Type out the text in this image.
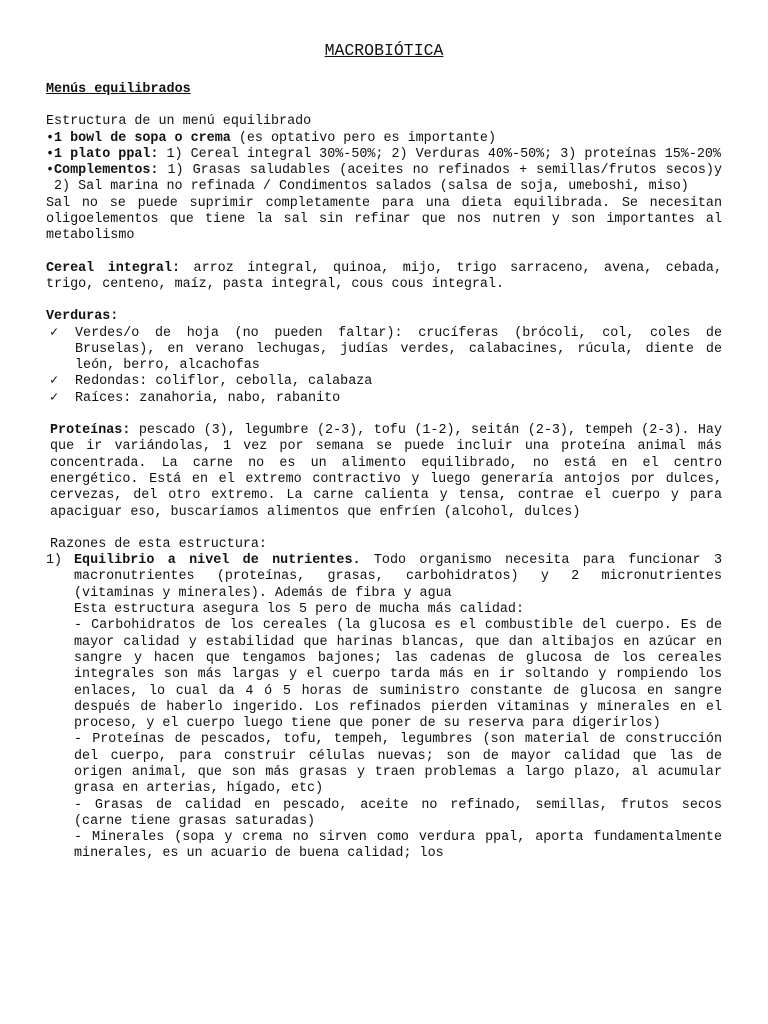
MACROBIÓTICA

Menús equilibrados

Estructura de un menú equilibrado

• 1 bowl de sopa o crema (es optativo pero es importante)
• 1 plato ppal: 1) Cereal integral 30%-50%; 2) Verduras 40%-50%; 3) proteínas 15%-20%
• Complementos: 1) Grasas saludables (aceites no refinados + semillas/frutos secos)y 2) Sal marina no refinada / Condimentos salados (salsa de soja, umeboshi, miso)

Sal no se puede suprimir completamente para una dieta equilibrada. Se necesitan oligoelementos que tiene la sal sin refinar que nos nutren y son importantes al metabolismo

Cereal integral: arroz integral, quinoa, mijo, trigo sarraceno, avena, cebada, trigo, centeno, maíz, pasta integral, cous cous integral.

Verduras:

✓ Verdes/o de hoja (no pueden faltar): crucíferas (brócoli, col, coles de Bruselas), en verano lechugas, judías verdes, calabacines, rúcula, diente de león, berro, alcachofas
✓ Redondas: coliflor, cebolla, calabaza
✓ Raíces: zanahoria, nabo, rabanito

Proteínas: pescado (3), legumbre (2-3), tofu (1-2), seitán (2-3), tempeh (2-3). Hay que ir variándolas, 1 vez por semana se puede incluir una proteína animal más concentrada. La carne no es un alimento equilibrado, no está en el centro energético. Está en el extremo contractivo y luego generaría antojos por dulces, cervezas, del otro extremo. La carne calienta y tensa, contrae el cuerpo y para apaciguar eso, buscaríamos alimentos que enfríen (alcohol, dulces)

Razones de esta estructura:

1) Equilibrio a nivel de nutrientes. Todo organismo necesita para funcionar 3 macronutrientes (proteínas, grasas, carbohidratos) y 2 micronutrientes (vitaminas y minerales). Además de fibra y agua

Esta estructura asegura los 5 pero de mucha más calidad:

- Carbohidratos de los cereales (la glucosa es el combustible del cuerpo. Es de mayor calidad y estabilidad que harinas blancas, que dan altibajos en azúcar en sangre y hacen que tengamos bajones; las cadenas de glucosa de los cereales integrales son más largas y el cuerpo tarda más en ir soltando y rompiendo los enlaces, lo cual da 4 ó 5 horas de suministro constante de glucosa en sangre después de haberlo ingerido. Los refinados pierden vitaminas y minerales en el proceso, y el cuerpo luego tiene que poner de su reserva para digerirlos)

- Proteínas de pescados, tofu, tempeh, legumbres (son material de construcción del cuerpo, para construir células nuevas; son de mayor calidad que las de origen animal, que son más grasas y traen problemas a largo plazo, al acumular grasa en arterias, hígado, etc)

- Grasas de calidad en pescado, aceite no refinado, semillas, frutos secos (carne tiene grasas saturadas)

- Minerales (sopa y crema no sirven como verdura ppal, aporta fundamentalmente minerales, es un acuario de buena calidad; los
